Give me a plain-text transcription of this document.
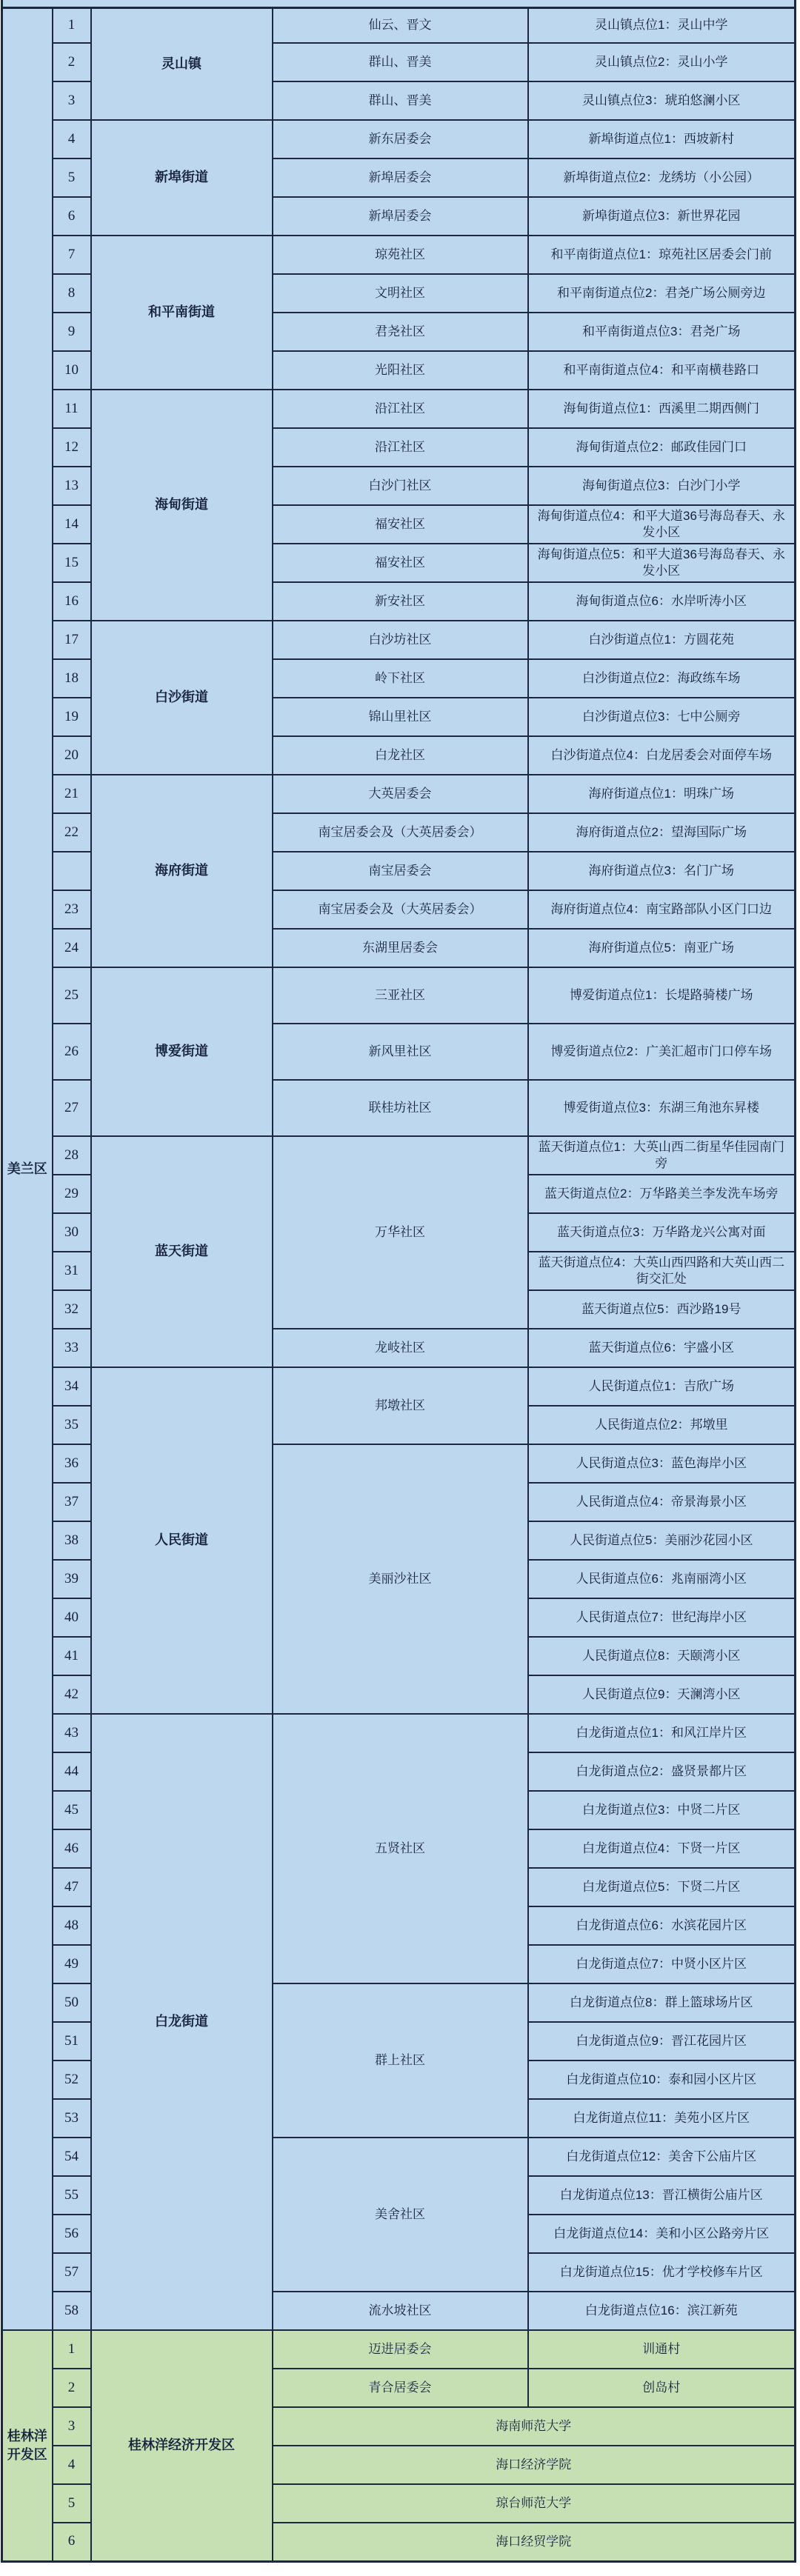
美兰区	1	灵山镇	仙云、晋文	灵山镇点位1：灵山中学
	2		群山、晋美	灵山镇点位2：灵山小学
	3		群山、晋美	灵山镇点位3：琥珀悠澜小区
	4	新埠街道	新东居委会	新埠街道点位1：西坡新村
	5		新埠居委会	新埠街道点位2：龙绣坊（小公园）
	6		新埠居委会	新埠街道点位3：新世界花园
	7	和平南街道	琼苑社区	和平南街道点位1：琼苑社区居委会门前
	8		文明社区	和平南街道点位2：君尧广场公厕旁边
	9		君尧社区	和平南街道点位3：君尧广场
	10		光阳社区	和平南街道点位4：和平南横巷路口
	11	海甸街道	沿江社区	海甸街道点位1：西溪里二期西侧门
	12		沿江社区	海甸街道点位2：邮政佳园门口
	13		白沙门社区	海甸街道点位3：白沙门小学
	14		福安社区	海甸街道点位4：和平大道36号海岛春天、永发小区
	15		福安社区	海甸街道点位5：和平大道36号海岛春天、永发小区
	16		新安社区	海甸街道点位6：水岸听涛小区
	17	白沙街道	白沙坊社区	白沙街道点位1：方圆花苑
	18		岭下社区	白沙街道点位2：海政练车场
	19		锦山里社区	白沙街道点位3：七中公厕旁
	20		白龙社区	白沙街道点位4：白龙居委会对面停车场
	21	海府街道	大英居委会	海府街道点位1：明珠广场
	22		南宝居委会及（大英居委会）	海府街道点位2：望海国际广场
			南宝居委会	海府街道点位3：名门广场
	23		南宝居委会及（大英居委会）	海府街道点位4：南宝路部队小区门口边
	24		东湖里居委会	海府街道点位5：南亚广场
	25	博爱街道	三亚社区	博爱街道点位1：长堤路骑楼广场
	26		新风里社区	博爱街道点位2：广美汇超市门口停车场
	27		联桂坊社区	博爱街道点位3：东湖三角池东昇楼
	28	蓝天街道	万华社区	蓝天街道点位1：大英山西二街星华佳园南门旁
	29			蓝天街道点位2：万华路美兰李发洗车场旁
	30			蓝天街道点位3：万华路龙兴公寓对面
	31			蓝天街道点位4：大英山西四路和大英山西二街交汇处
	32			蓝天街道点位5：西沙路19号
	33		龙岐社区	蓝天街道点位6：宇盛小区
	34	人民街道	邦墩社区	人民街道点位1：吉欣广场
	35			人民街道点位2：邦墩里
	36		美丽沙社区	人民街道点位3：蓝色海岸小区
	37			人民街道点位4：帝景海景小区
	38			人民街道点位5：美丽沙花园小区
	39			人民街道点位6：兆南丽湾小区
	40			人民街道点位7：世纪海岸小区
	41			人民街道点位8：天颐湾小区
	42			人民街道点位9：天澜湾小区
	43	白龙街道	五贤社区	白龙街道点位1：和风江岸片区
	44			白龙街道点位2：盛贤景都片区
	45			白龙街道点位3：中贤二片区
	46			白龙街道点位4：下贤一片区
	47			白龙街道点位5：下贤二片区
	48			白龙街道点位6：水滨花园片区
	49			白龙街道点位7：中贤小区片区
	50		群上社区	白龙街道点位8：群上篮球场片区
	51			白龙街道点位9：晋江花园片区
	52			白龙街道点位10：泰和园小区片区
	53			白龙街道点位11：美苑小区片区
	54		美舍社区	白龙街道点位12：美舍下公庙片区
	55			白龙街道点位13：晋江横街公庙片区
	56			白龙街道点位14：美和小区公路旁片区
	57			白龙街道点位15：优才学校修车片区
	58		流水坡社区	白龙街道点位16：滨江新苑
桂林洋开发区	1	桂林洋经济开发区	迈进居委会	训通村
	2		青合居委会	创岛村
	3		海南师范大学	
	4		海口经济学院	
	5		琼台师范大学	
	6		海口经贸学院	
